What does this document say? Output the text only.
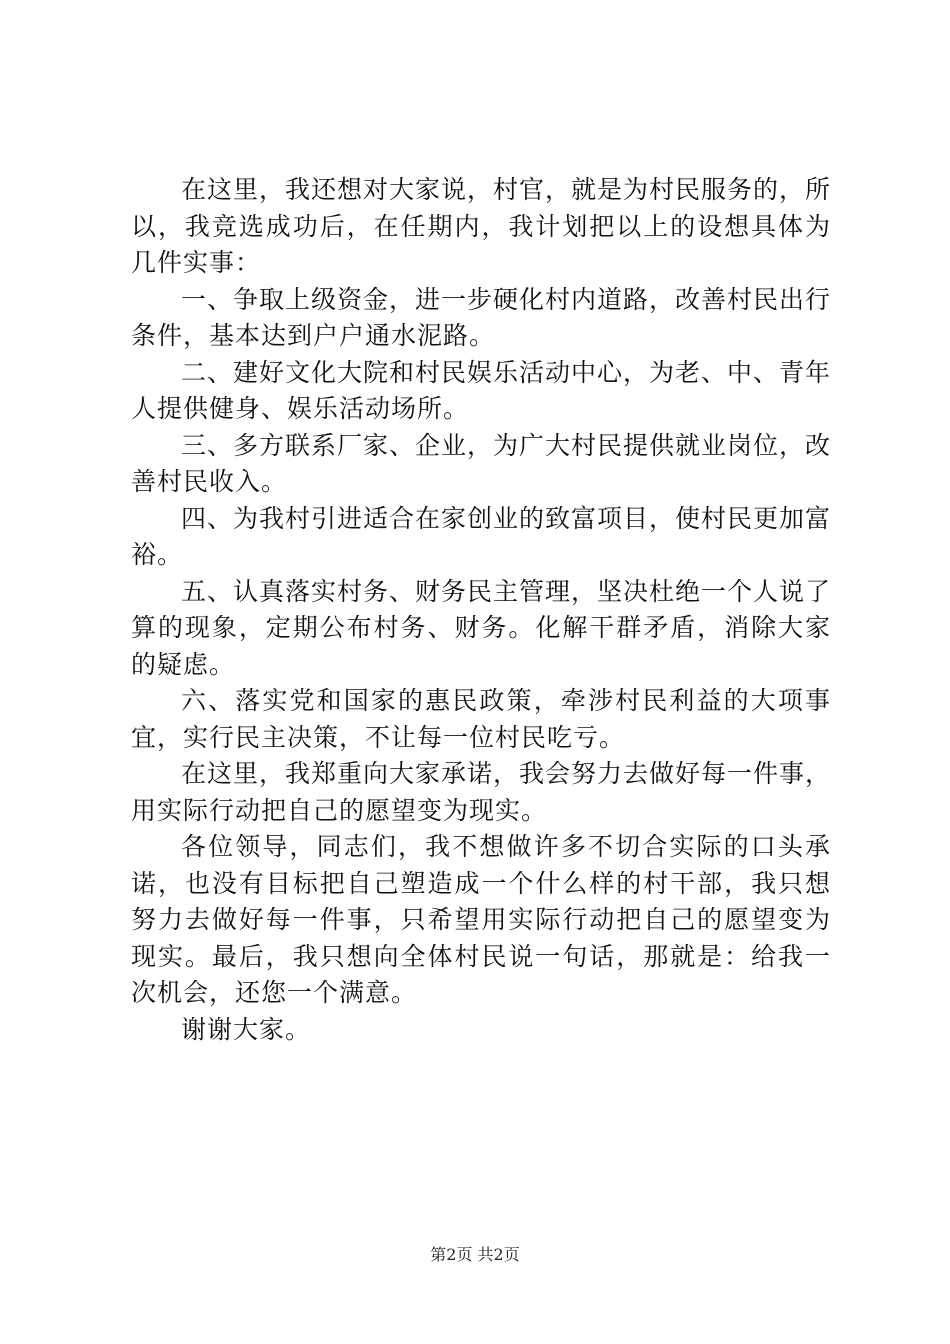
在这里，我还想对大家说，村官，就是为村民服务的，所以，我竞选成功后，在任期内，我计划把以上的设想具体为几件实事：

一、争取上级资金，进一步硬化村内道路，改善村民出行条件，基本达到户户通水泥路。

二、建好文化大院和村民娱乐活动中心，为老、中、青年人提供健身、娱乐活动场所。

三、多方联系厂家、企业，为广大村民提供就业岗位，改善村民收入。

四、为我村引进适合在家创业的致富项目，使村民更加富裕。

五、认真落实村务、财务民主管理，坚决杜绝一个人说了算的现象，定期公布村务、财务。化解干群矛盾，消除大家的疑虑。

六、落实党和国家的惠民政策，牵涉村民利益的大项事宜，实行民主决策，不让每一位村民吃亏。

在这里，我郑重向大家承诺，我会努力去做好每一件事，用实际行动把自己的愿望变为现实。

各位领导，同志们，我不想做许多不切合实际的口头承诺，也没有目标把自己塑造成一个什么样的村干部，我只想努力去做好每一件事，只希望用实际行动把自己的愿望变为现实。最后，我只想向全体村民说一句话，那就是：给我一次机会，还您一个满意。

谢谢大家。

第2页 共2页
